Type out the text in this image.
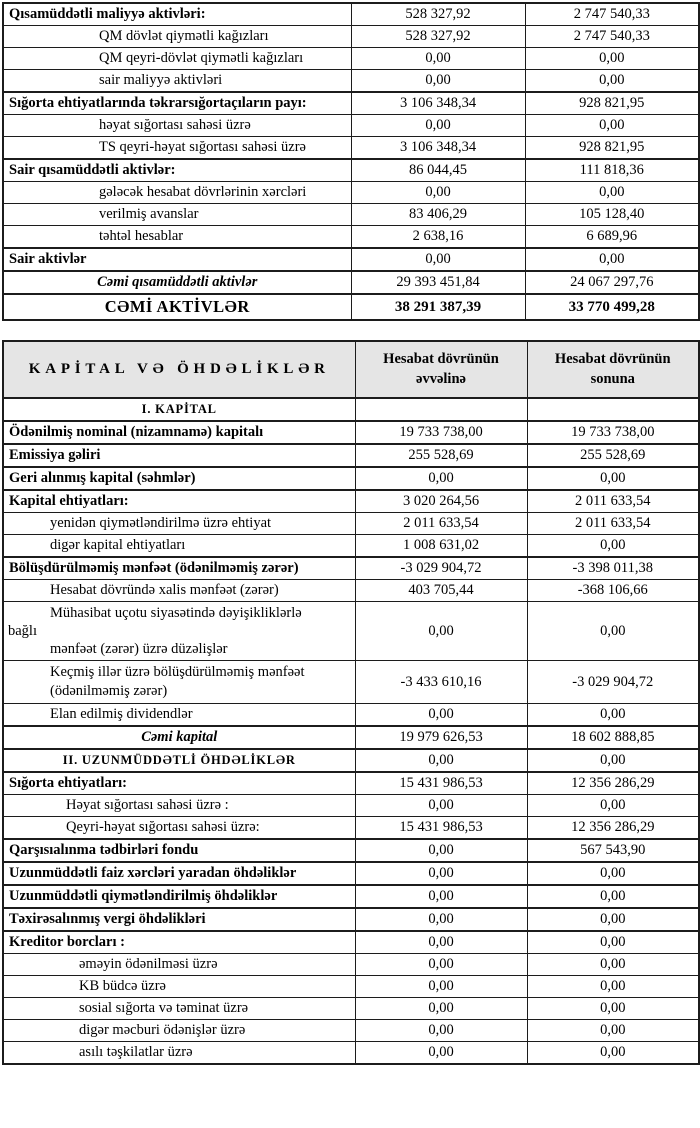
Qısamüddətli maliyyə aktivləri:	528 327,92	2 747 540,33
QM dövlət qiymətli kağızları	528 327,92	2 747 540,33
QM qeyri-dövlət qiymətli kağızları	0,00	0,00
sair maliyyə aktivləri	0,00	0,00
Sığorta ehtiyatlarında təkrarsığortaçıların payı:	3 106 348,34	928 821,95
həyat sığortası sahəsi üzrə	0,00	0,00
TS qeyri-həyat sığortası sahəsi üzrə	3 106 348,34	928 821,95
Sair qısamüddətli aktivlər:	86 044,45	111 818,36
gələcək hesabat dövrlərinin xərcləri	0,00	0,00
verilmiş avanslar	83 406,29	105 128,40
təhtəl hesablar	2 638,16	6 689,96
Sair aktivlər	0,00	0,00
Cəmi qısamüddətli aktivlər	29 393 451,84	24 067 297,76
CƏMİ AKTİVLƏR	38 291 387,39	33 770 499,28
KAPİTAL VƏ ÖHDƏLİKLƏR	Hesabat dövrünün əvvəlinə	Hesabat dövrünün sonuna
I. KAPİTAL		
Ödənilmiş nominal (nizamnamə) kapitalı	19 733 738,00	19 733 738,00
Emissiya gəliri	255 528,69	255 528,69
Geri alınmış kapital (səhmlər)	0,00	0,00
Kapital ehtiyatları:	3 020 264,56	2 011 633,54
yenidən qiymətləndirilmə üzrə ehtiyat	2 011 633,54	2 011 633,54
digər kapital ehtiyatları	1 008 631,02	0,00
Bölüşdürülməmiş mənfəət (ödənilməmiş zərər)	-3 029 904,72	-3 398 011,38
Hesabat dövründə xalis mənfəət (zərər)	403 705,44	-368 106,66

Mühasibat uçotu siyasətində dəyişikliklərlə
bağlı
mənfəət (zərər) üzrə düzəlişlər	0,00	0,00
Keçmiş illər üzrə bölüşdürülməmiş mənfəət (ödənilməmiş zərər)	-3 433 610,16	-3 029 904,72
Elan edilmiş dividendlər	0,00	0,00
Cəmi kapital	19 979 626,53	18 602 888,85
II. UZUNMÜDDƏTLİ ÖHDƏLİKLƏR	0,00	0,00
Sığorta ehtiyatları:	15 431 986,53	12 356 286,29
Həyat sığortası sahəsi üzrə :	0,00	0,00
Qeyri-həyat sığortası sahəsi üzrə:	15 431 986,53	12 356 286,29
Qarşısıalınma tədbirləri fondu	0,00	567 543,90
Uzunmüddətli faiz xərcləri yaradan öhdəliklər	0,00	0,00
Uzunmüddətli qiymətləndirilmiş öhdəliklər	0,00	0,00
Təxirəsalınmış vergi öhdəlikləri	0,00	0,00
Kreditor borcları :	0,00	0,00
əməyin ödənilməsi üzrə	0,00	0,00
KB büdcə üzrə	0,00	0,00
sosial sığorta və təminat üzrə	0,00	0,00
digər məcburi ödənişlər üzrə	0,00	0,00
asılı təşkilatlar üzrə	0,00	0,00
